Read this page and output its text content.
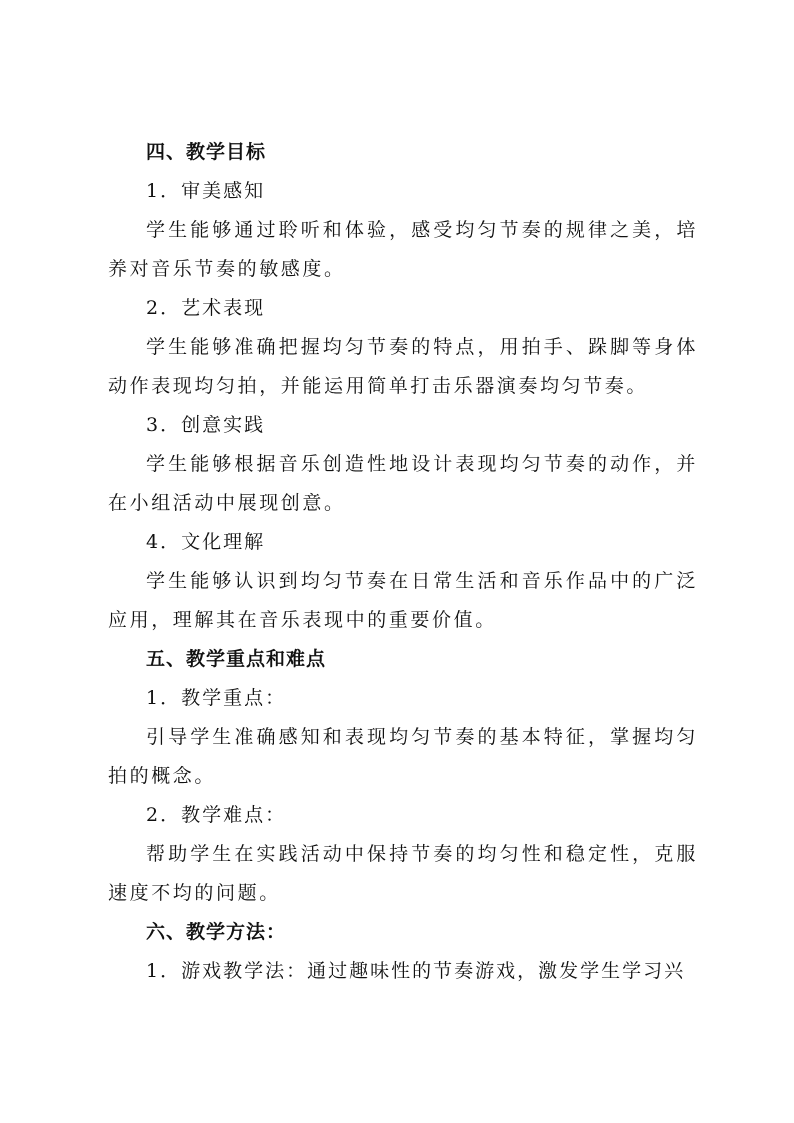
四、教学目标
1．审美感知

学生能够通过聆听和体验，感受均匀节奏的规律之美，培养对音乐节奏的敏感度。

2．艺术表现

学生能够准确把握均匀节奏的特点，用拍手、跺脚等身体动作表现均匀拍，并能运用简单打击乐器演奏均匀节奏。

3．创意实践

学生能够根据音乐创造性地设计表现均匀节奏的动作，并在小组活动中展现创意。

4．文化理解

学生能够认识到均匀节奏在日常生活和音乐作品中的广泛应用，理解其在音乐表现中的重要价值。

五、教学重点和难点
1．教学重点：

引导学生准确感知和表现均匀节奏的基本特征，掌握均匀拍的概念。

2．教学难点：

帮助学生在实践活动中保持节奏的均匀性和稳定性，克服速度不均的问题。

六、教学方法：
1．游戏教学法：通过趣味性的节奏游戏，激发学生学习兴
